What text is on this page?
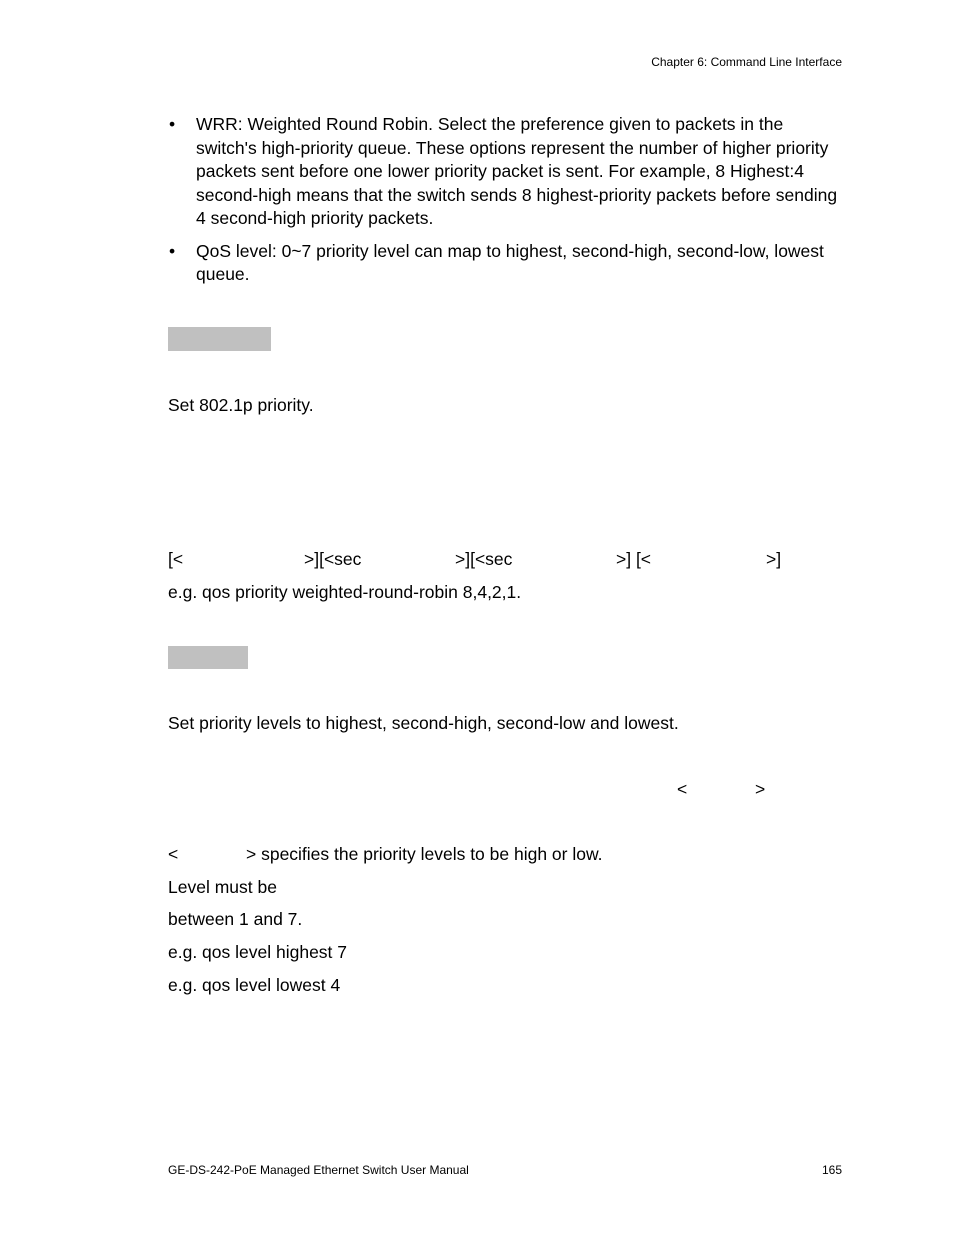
Chapter 6: Command Line Interface
• WRR: Weighted Round Robin. Select the preference given to packets in the switch's high-priority queue. These options represent the number of higher priority packets sent before one lower priority packet is sent. For example, 8 Highest:4 second-high means that the switch sends 8 highest-priority packets before sending 4 second-high priority packets.
• QoS level: 0~7 priority level can map to highest, second-high, second-low, lowest queue.
Set 802.1p priority.
[<	>][<sec	>][<sec	>] [<	>]
e.g. qos priority weighted-round-robin 8,4,2,1.
Set priority levels to highest, second-high, second-low and lowest.
<	>
<	> specifies the priority levels to be high or low.
Level must be
between 1 and 7.
e.g. qos level highest 7
e.g. qos level lowest 4
GE-DS-242-PoE Managed Ethernet Switch User Manual	165
